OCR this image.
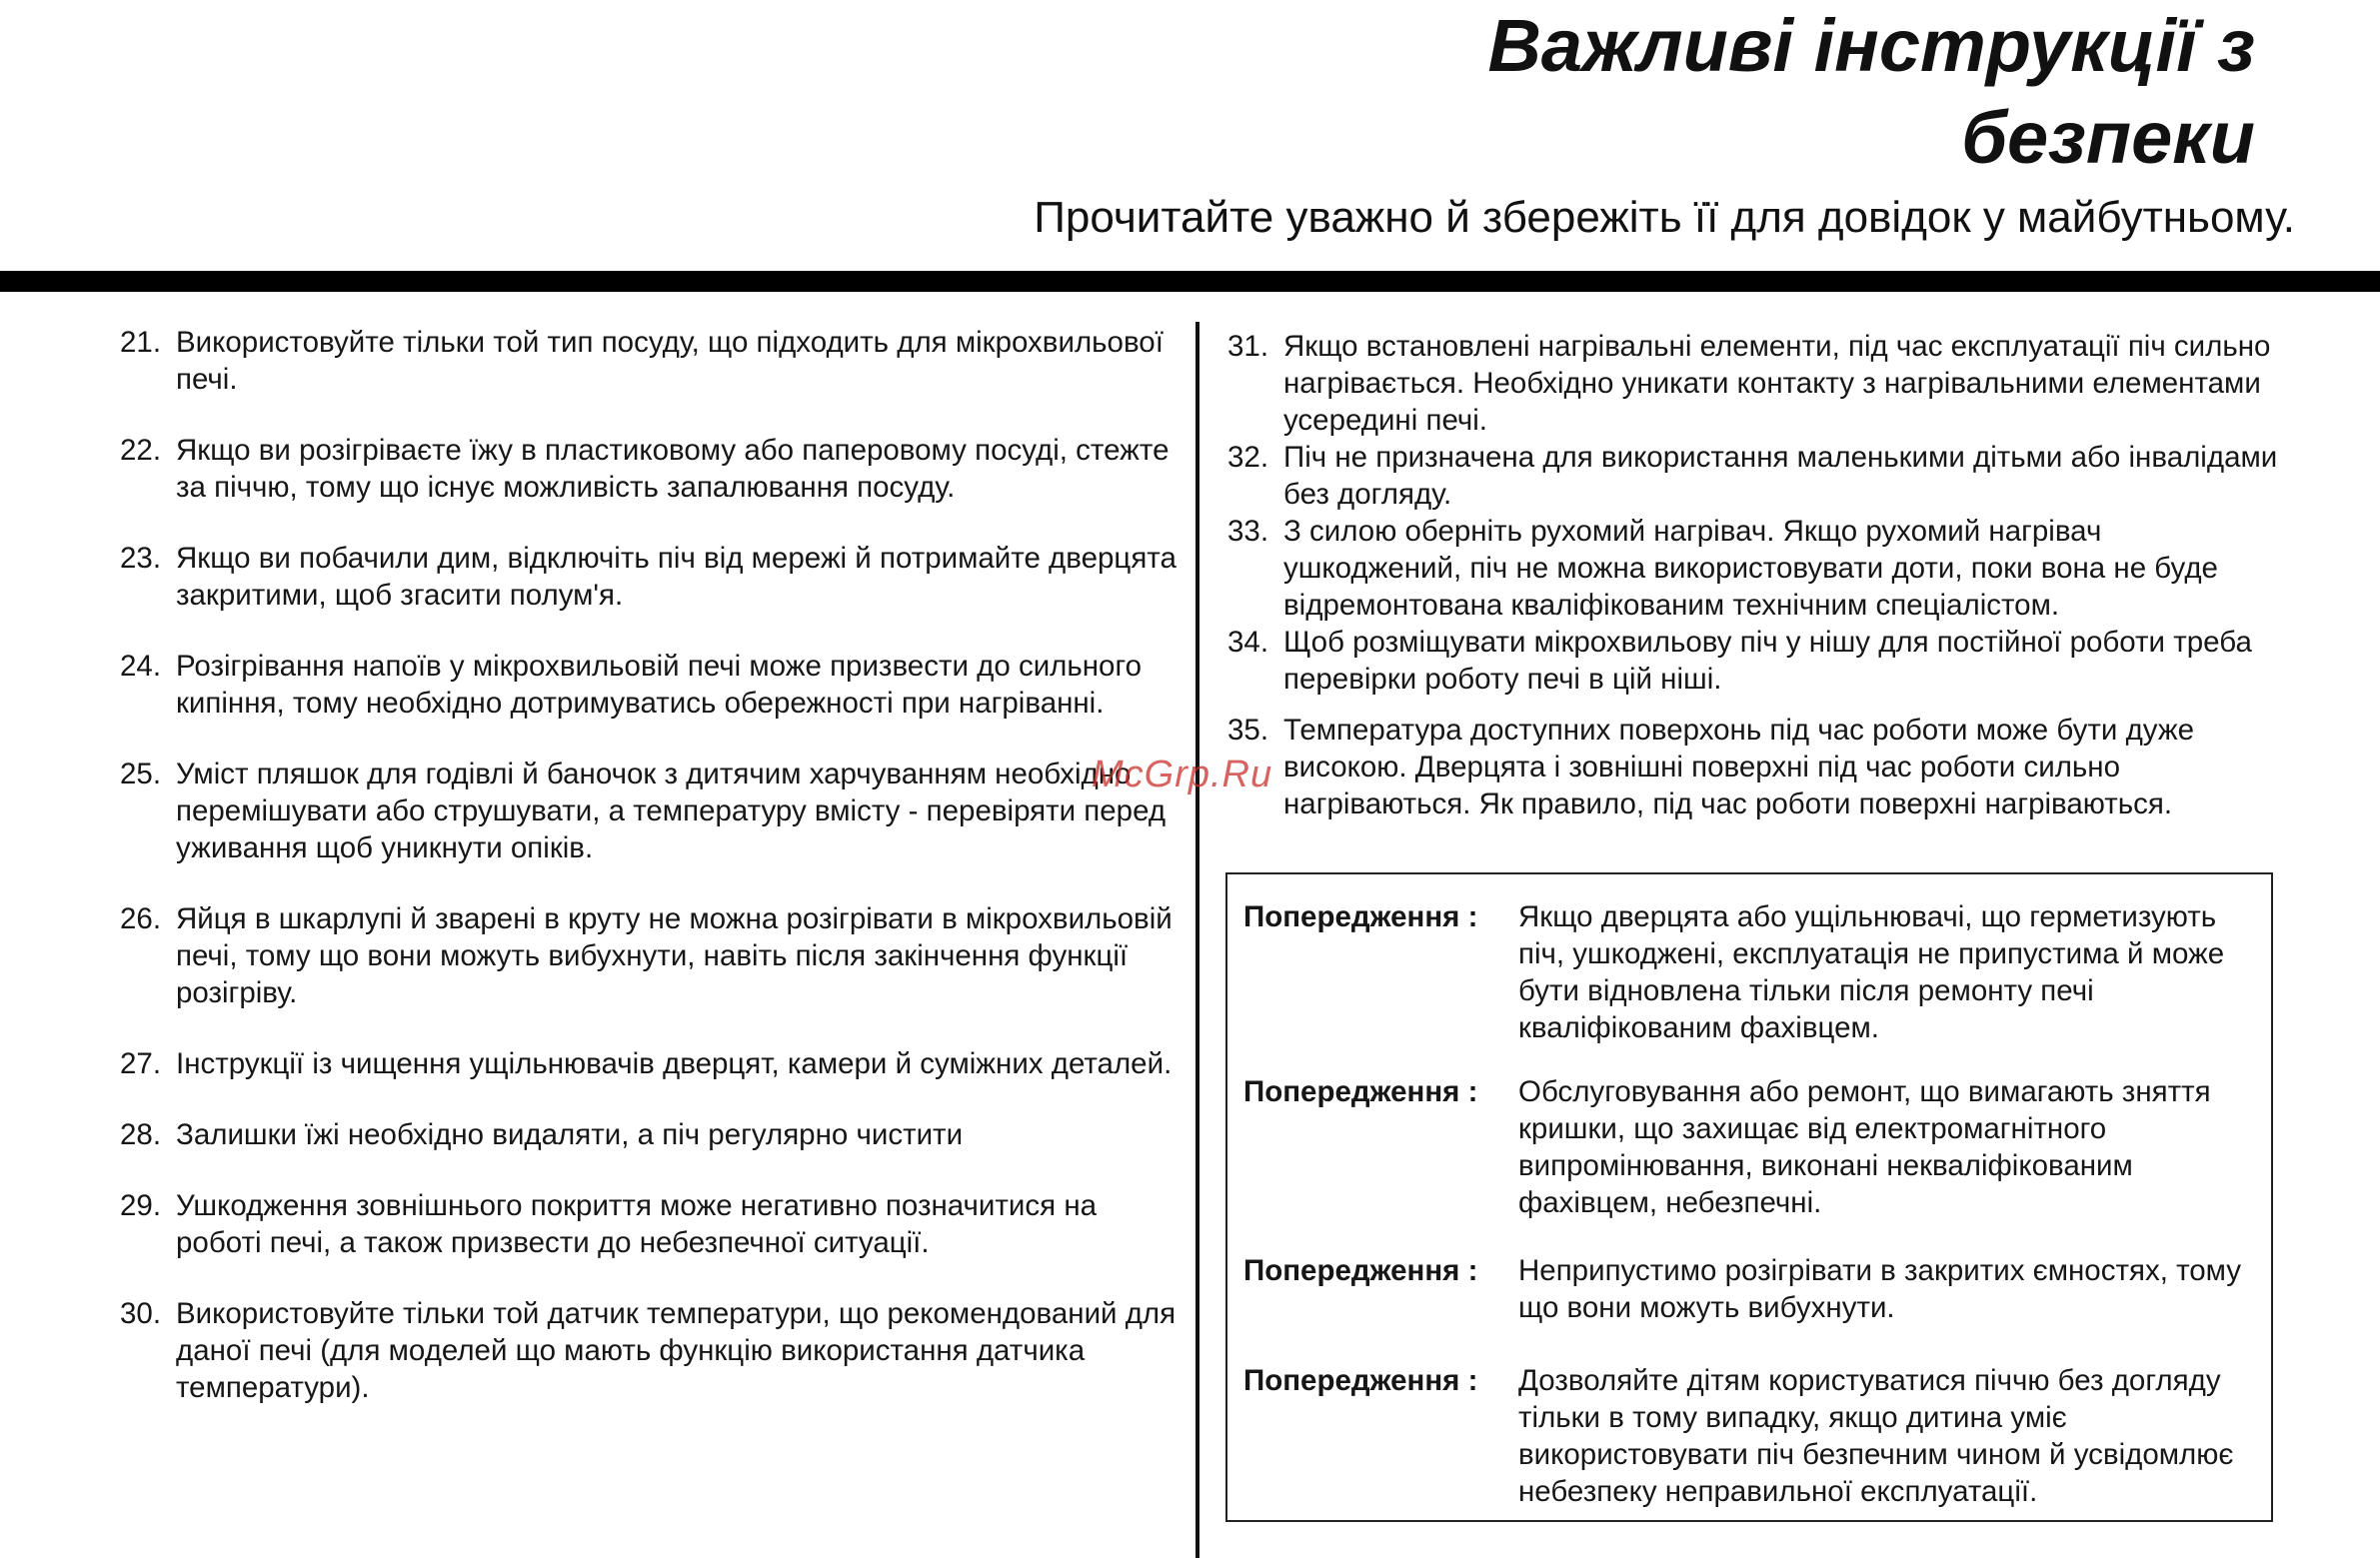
Важливі інструкції з
безпеки
Прочитайте уважно й збережіть її для довідок у майбутньому.
21. Використовуйте тільки той тип посуду, що підходить для мікрохвильової печі.
22. Якщо ви розігріваєте їжу в пластиковому або паперовому посуді, стежте за піччю, тому що існує можливість запалювання посуду.
23. Якщо ви побачили дим, відключіть піч від мережі й потримайте дверцята закритими, щоб згасити полум'я.
24. Розігрівання напоїв у мікрохвильовій печі може призвести до сильного кипіння, тому необхідно дотримуватись обережності при нагріванні.
25. Уміст пляшок для годівлі й баночок з дитячим харчуванням необхідно перемішувати або струшувати, а температуру вмісту - перевіряти перед уживання щоб уникнути опіків.
26. Яйця в шкарлупі й зварені в круту не можна розігрівати в мікрохвильовій печі, тому що вони можуть вибухнути, навіть після закінчення функції розігріву.
27. Інструкції із чищення ущільнювачів дверцят, камери й суміжних деталей.
28. Залишки їжі необхідно видаляти, а піч регулярно чистити
29. Ушкодження зовнішнього покриття може негативно позначитися на роботі печі, а також призвести до небезпечної ситуації.
30. Використовуйте тільки той датчик температури, що рекомендований для даної печі (для моделей що мають функцію використання датчика температури).
31. Якщо встановлені нагрівальні елементи, під час експлуатації піч сильно нагрівається. Необхідно уникати контакту з нагрівальними елементами усередині печі.
32. Піч не призначена для використання маленькими дітьми або інвалідами без догляду.
33. З силою оберніть рухомий нагрівач. Якщо рухомий нагрівач ушкоджений, піч не можна використовувати доти, поки вона не буде відремонтована кваліфікованим технічним спеціалістом.
34. Щоб розміщувати мікрохвильову піч у нішу для постійної роботи треба перевірки роботу печі в цій ніші.
35. Температура доступних поверхонь під час роботи може бути дуже високою. Дверцята і зовнішні поверхні під час роботи сильно нагріваються. Як правило, під час роботи поверхні нагріваються.
McGrp.Ru
Попередження :	Якщо дверцята або ущільнювачі, що герметизують піч, ушкоджені, експлуатація не припустима й може бути відновлена тільки після ремонту печі кваліфікованим фахівцем.
Попередження :	Обслуговування або ремонт, що вимагають зняття кришки, що захищає від електромагнітного випромінювання, виконані некваліфікованим фахівцем, небезпечні.
Попередження :	Неприпустимо розігрівати в закритих ємностях, тому що вони можуть вибухнути.
Попередження :	Дозволяйте дітям користуватися піччю без догляду тільки в тому випадку, якщо дитина уміє використовувати піч безпечним чином й усвідомлює небезпеку неправильної експлуатації.
